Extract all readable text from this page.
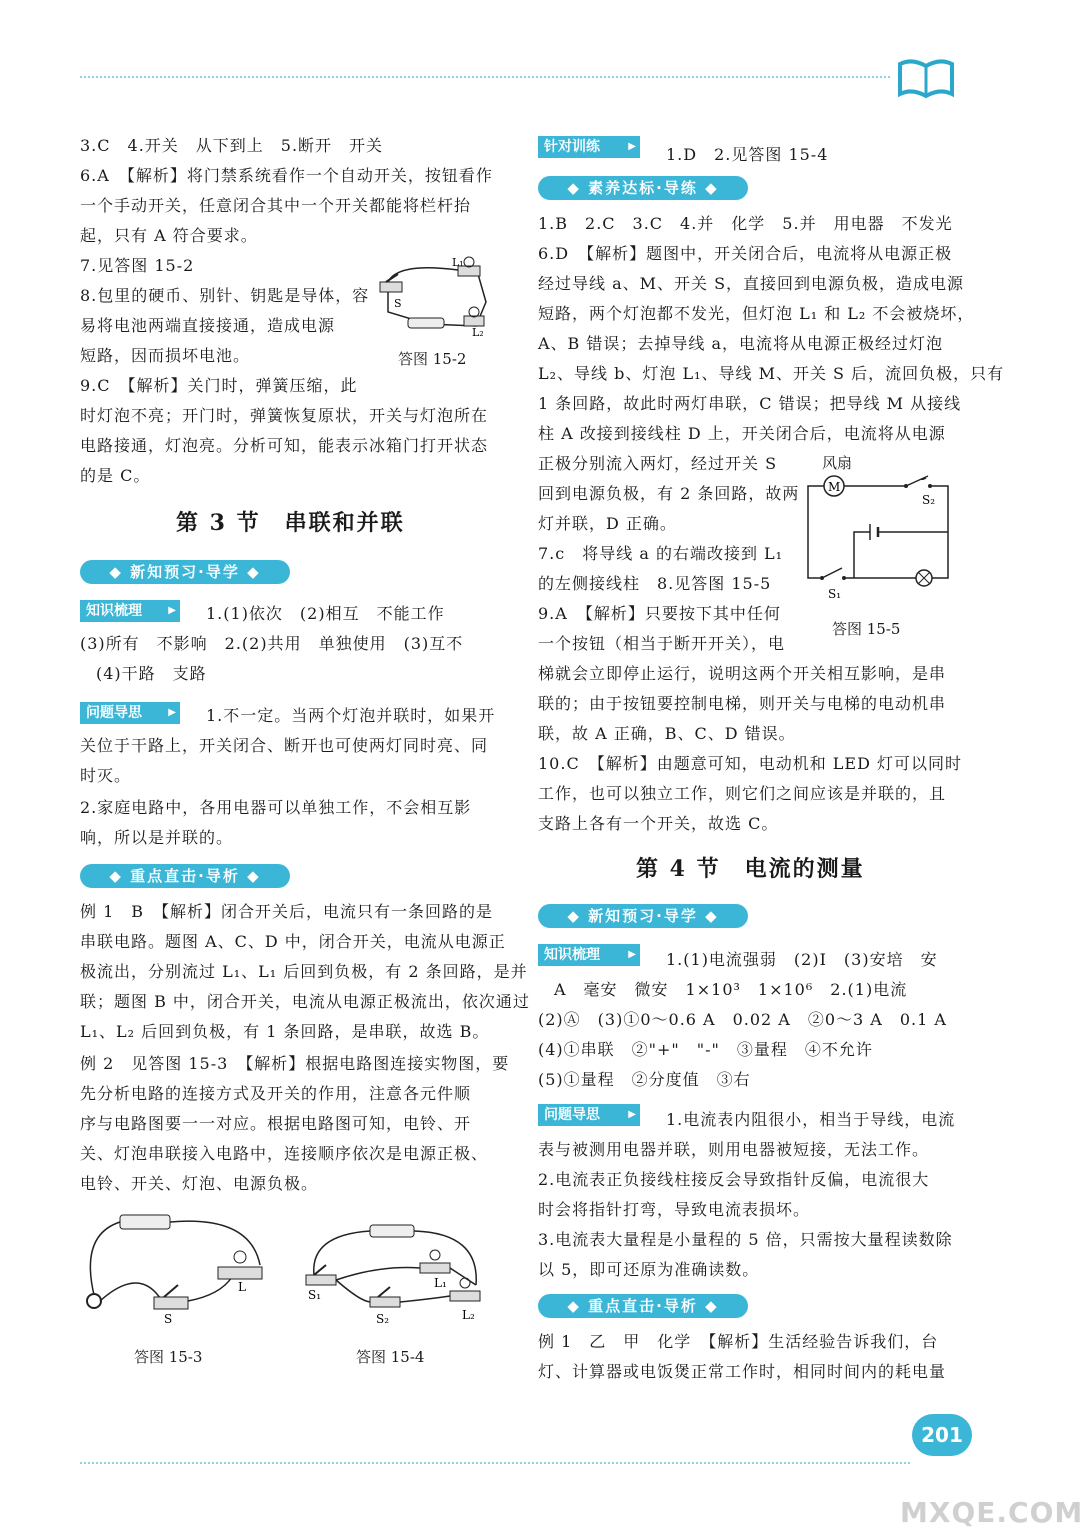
3.C　4.开关　从下到上　5.断开　开关
6.A　【解析】将门禁系统看作一个自动开关，按钮看作
一个手动开关，任意闭合其中一个开关都能将栏杆抬
起，只有 A 符合要求。
7.见答图 15-2
8.包里的硬币、别针、钥匙是导体，容
易将电池两端直接接通，造成电源
短路，因而损坏电池。
9.C　【解析】关门时，弹簧压缩，此
时灯泡不亮；开门时，弹簧恢复原状，开关与灯泡所在
电路接通，灯泡亮。分析可知，能表示冰箱门打开状态
的是 C。
L₁
S
L₂
答图 15-2
第 3 节　串联和并联
◆ 新知预习·导学 ◆
知识梳理 ▶	1.(1)依次　(2)相互　不能工作
(3)所有　不影响　2.(2)共用　单独使用　(3)互不
(4)干路　支路
问题导思 ▶	1.不一定。当两个灯泡并联时，如果开
关位于干路上，开关闭合、断开也可使两灯同时亮、同
时灭。
2.家庭电路中，各用电器可以单独工作，不会相互影
响，所以是并联的。
◆ 重点直击·导析 ◆
例 1　B　【解析】闭合开关后，电流只有一条回路的是
串联电路。题图 A、C、D 中，闭合开关，电流从电源正
极流出，分别流过 L₁、L₁ 后回到负极，有 2 条回路，是并
联；题图 B 中，闭合开关，电流从电源正极流出，依次通过
L₁、L₂ 后回到负极，有 1 条回路，是串联，故选 B。
例 2　见答图 15-3　【解析】根据电路图连接实物图，要
先分析电路的连接方式及开关的作用，注意各元件顺
序与电路图要一一对应。根据电路图可知，电铃、开
关、灯泡串联接入电路中，连接顺序依次是电源正极、
电铃、开关、灯泡、电源负极。
L
S
答图 15-3
S₁
S₂
L₁
L₂
答图 15-4
针对训练 ▶	1.D　2.见答图 15-4
◆ 素养达标·导练 ◆
1.B　2.C　3.C　4.并　化学　5.并　用电器　不发光
6.D　【解析】题图中，开关闭合后，电流将从电源正极
经过导线 a、M、开关 S，直接回到电源负极，造成电源
短路，两个灯泡都不发光，但灯泡 L₁ 和 L₂ 不会被烧坏，
A、B 错误；去掉导线 a，电流将从电源正极经过灯泡
L₂、导线 b、灯泡 L₁、导线 M、开关 S 后，流回负极，只有
1 条回路，故此时两灯串联，C 错误；把导线 M 从接线
柱 A 改接到接线柱 D 上，开关闭合后，电流将从电源
正极分别流入两灯，经过开关 S
回到电源负极，有 2 条回路，故两
灯并联，D 正确。
7.c　将导线 a 的右端改接到 L₁
的左侧接线柱　8.见答图 15-5
9.A　【解析】只要按下其中任何
一个按钮（相当于断开开关），电
梯就会立即停止运行，说明这两个开关相互影响，是串
联的；由于按钮要控制电梯，则开关与电梯的电动机串
联，故 A 正确，B、C、D 错误。
10.C　【解析】由题意可知，电动机和 LED 灯可以同时
工作，也可以独立工作，则它们之间应该是并联的，且
支路上各有一个开关，故选 C。
M
S₂
S₁
风扇
答图 15-5
第 4 节　电流的测量
◆ 新知预习·导学 ◆
知识梳理 ▶	1.(1)电流强弱　(2)I　(3)安培　安
A　毫安　微安　1×10³　1×10⁶　2.(1)电流
(2)Ⓐ　(3)①0～0.6 A　0.02 A　②0～3 A　0.1 A
(4)①串联　②"+"　"-"　③量程　④不允许
(5)①量程　②分度值　③右
问题导思 ▶	1.电流表内阻很小，相当于导线，电流
表与被测用电器并联，则用电器被短接，无法工作。
2.电流表正负接线柱接反会导致指针反偏，电流很大
时会将指针打弯，导致电流表损坏。
3.电流表大量程是小量程的 5 倍，只需按大量程读数除
以 5，即可还原为准确读数。
◆ 重点直击·导析 ◆
例 1　乙　甲　化学　【解析】生活经验告诉我们，台
灯、计算器或电饭煲正常工作时，相同时间内的耗电量
201
MXQE.COM
